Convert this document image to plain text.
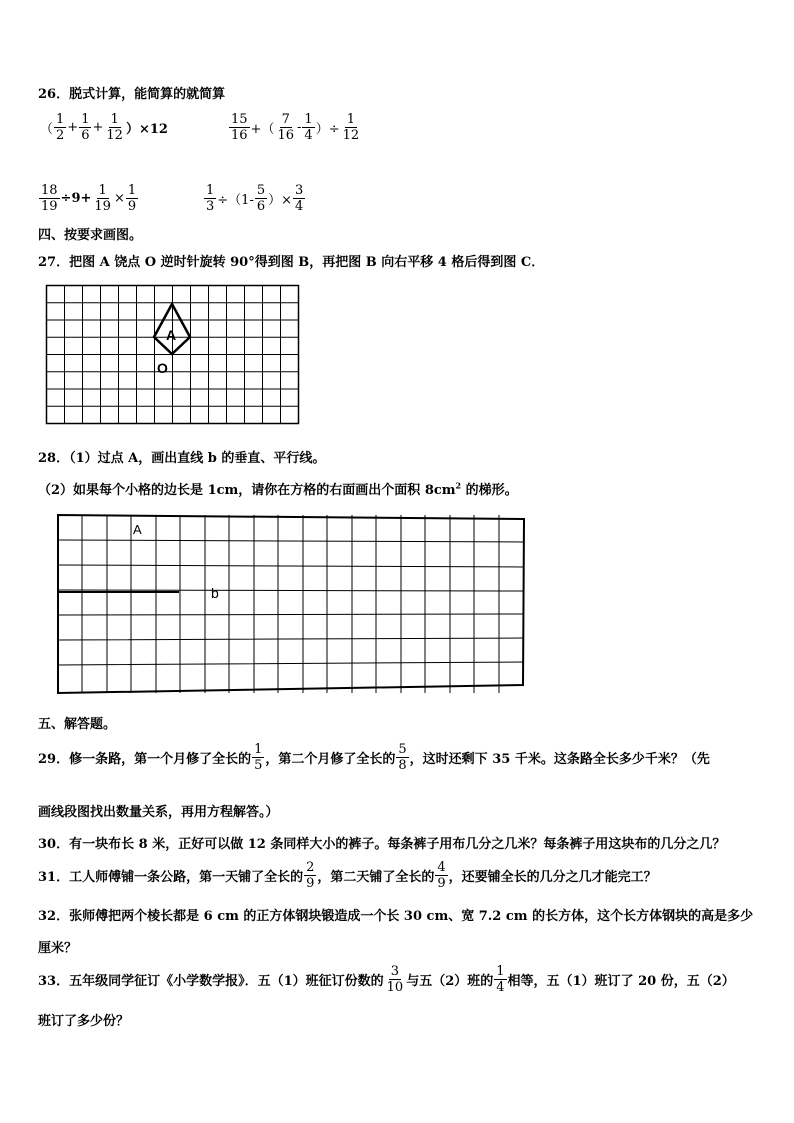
26．脱式计算，能简算的就简算
（ $\frac{1}{2} + \frac{1}{6} + \frac{1}{12} )\times 12$	$\frac{15}{16}$ +（ $\frac{7}{16} - \frac{1}{4}$ ）÷ $\frac{1}{12}$
$\frac{18}{19} \div 9+ \frac{1}{19} \times \frac{1}{9}$	$\frac{1}{3} \div(1- \frac{5}{6}$ ）× $\frac{3}{4}$
四、按要求画图。
27．把图 A 饶点 O 逆时针旋转 90°得到图 B，再把图 B 向右平移 4 格后得到图 C．
A
O
28．（1）过点 A，画出直线 b 的垂直、平行线。
（2）如果每个小格的边长是 1cm，请你在方格的右面画出个面积 $8cm^2$ 的梯形。
A
b
五、解答题。
29．修一条路，第一个月修了全长的 $\frac{1}{5}$ ，第二个月修了全长的 $\frac{5}{8}$ ，这时还剩下 35 千米。这条路全长多少千米？（先
画线段图找出数量关系，再用方程解答。）
30．有一块布长 8 米，正好可以做 12 条同样大小的裤子。每条裤子用布几分之几米？每条裤子用这块布的几分之几？
31．工人师傅铺一条公路，第一天铺了全长的 $\frac{2}{9}$ ，第二天铺了全长的 $\frac{4}{9}$ ，还要铺全长的几分之几才能完工？
32．张师傅把两个棱长都是 6 cm 的正方体钢块锻造成一个长 30 cm、宽 7.2 cm 的长方体，这个长方体钢块的高是多少
厘米？
33．五年级同学征订《小学数学报》．五（1）班征订份数的 $\frac{3}{10}$ 与五（2）班的 $\frac{1}{4}$ 相等，五（1）班订了 20 份，五（2）
班订了多少份？
